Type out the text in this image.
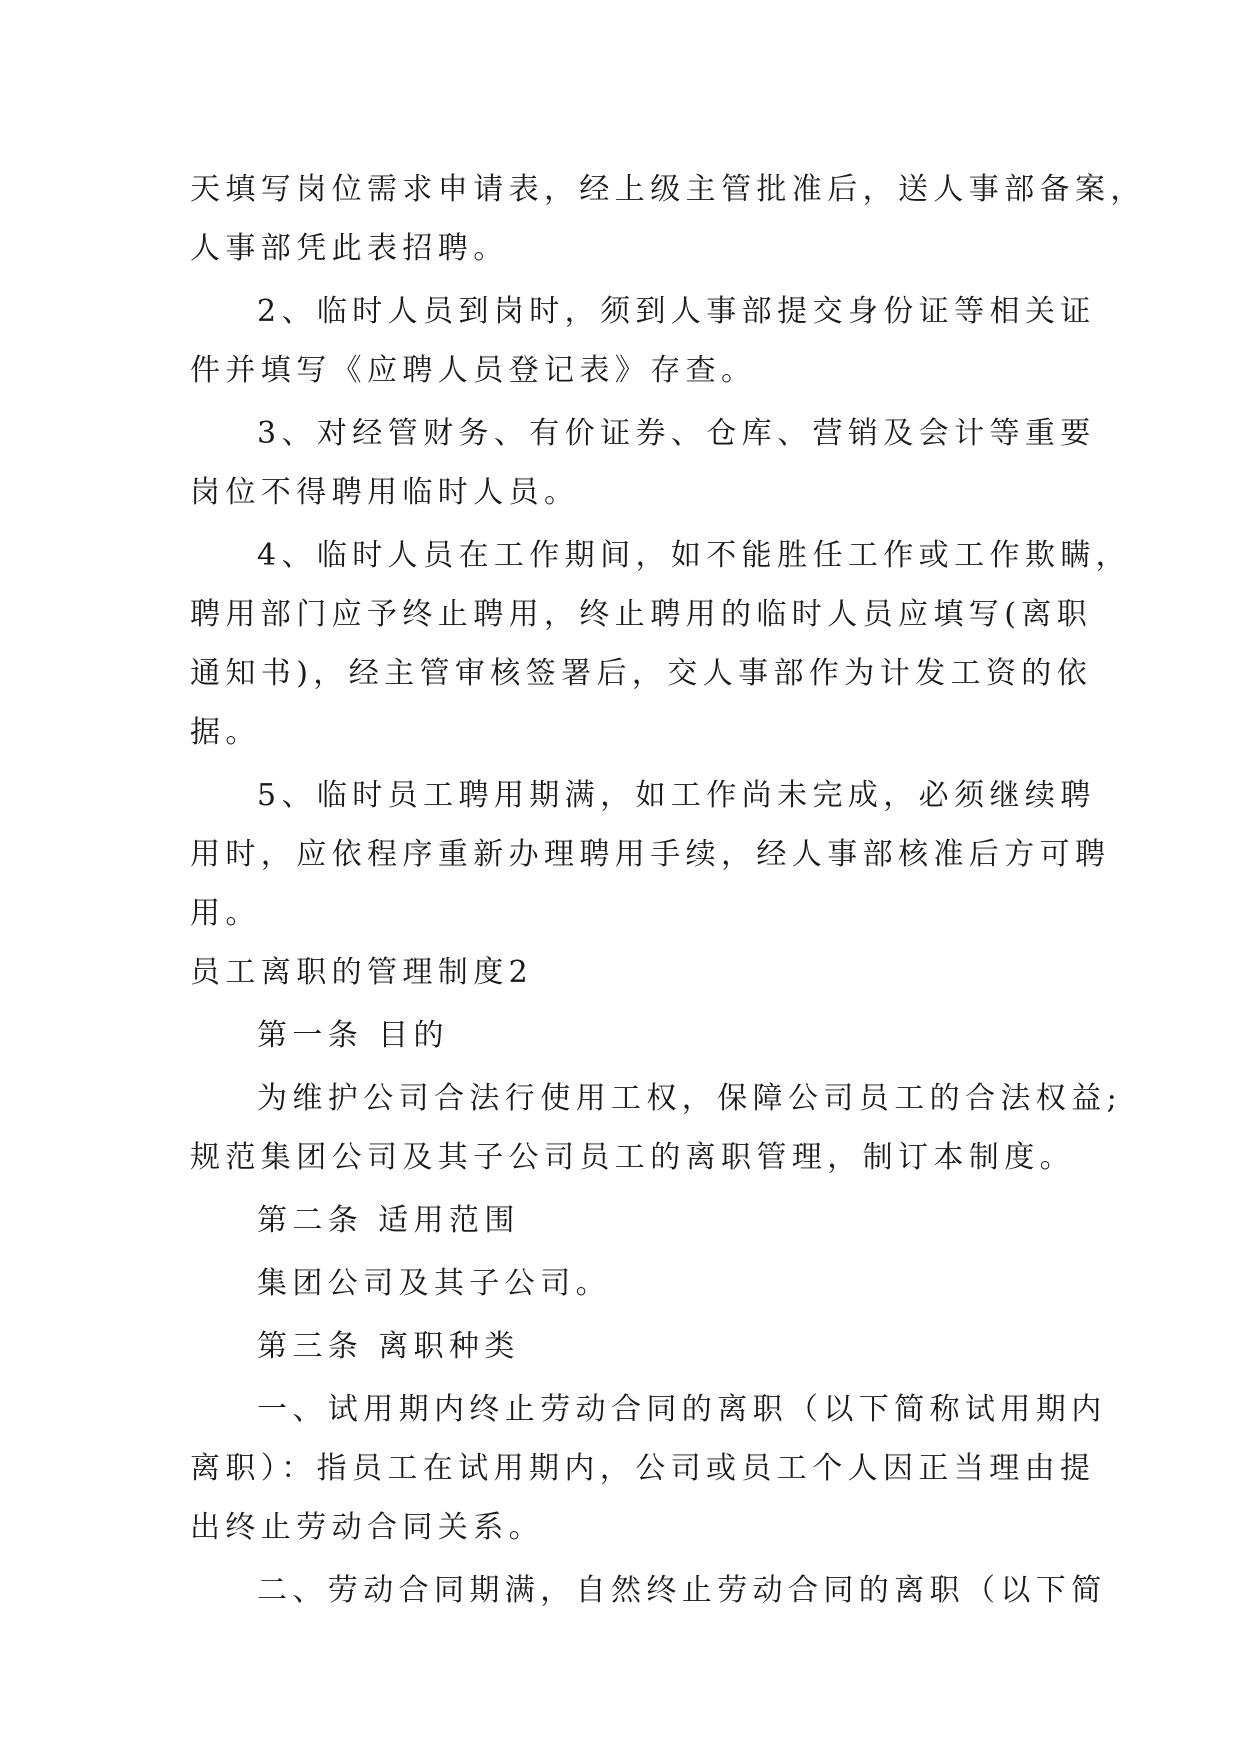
天填写岗位需求申请表，经上级主管批准后，送人事部备案，
人事部凭此表招聘。
2、临时人员到岗时，须到人事部提交身份证等相关证
件并填写《应聘人员登记表》存查。
3、对经管财务、有价证券、仓库、营销及会计等重要
岗位不得聘用临时人员。
4、临时人员在工作期间，如不能胜任工作或工作欺瞒，
聘用部门应予终止聘用，终止聘用的临时人员应填写(离职
通知书)，经主管审核签署后，交人事部作为计发工资的依
据。
5、临时员工聘用期满，如工作尚未完成，必须继续聘
用时，应依程序重新办理聘用手续，经人事部核准后方可聘
用。
员工离职的管理制度2
第一条 目的
为维护公司合法行使用工权，保障公司员工的合法权益;
规范集团公司及其子公司员工的离职管理，制订本制度。
第二条 适用范围
集团公司及其子公司。
第三条 离职种类
一、试用期内终止劳动合同的离职（以下简称试用期内
离职）：指员工在试用期内，公司或员工个人因正当理由提
出终止劳动合同关系。
二、劳动合同期满，自然终止劳动合同的离职（以下简
